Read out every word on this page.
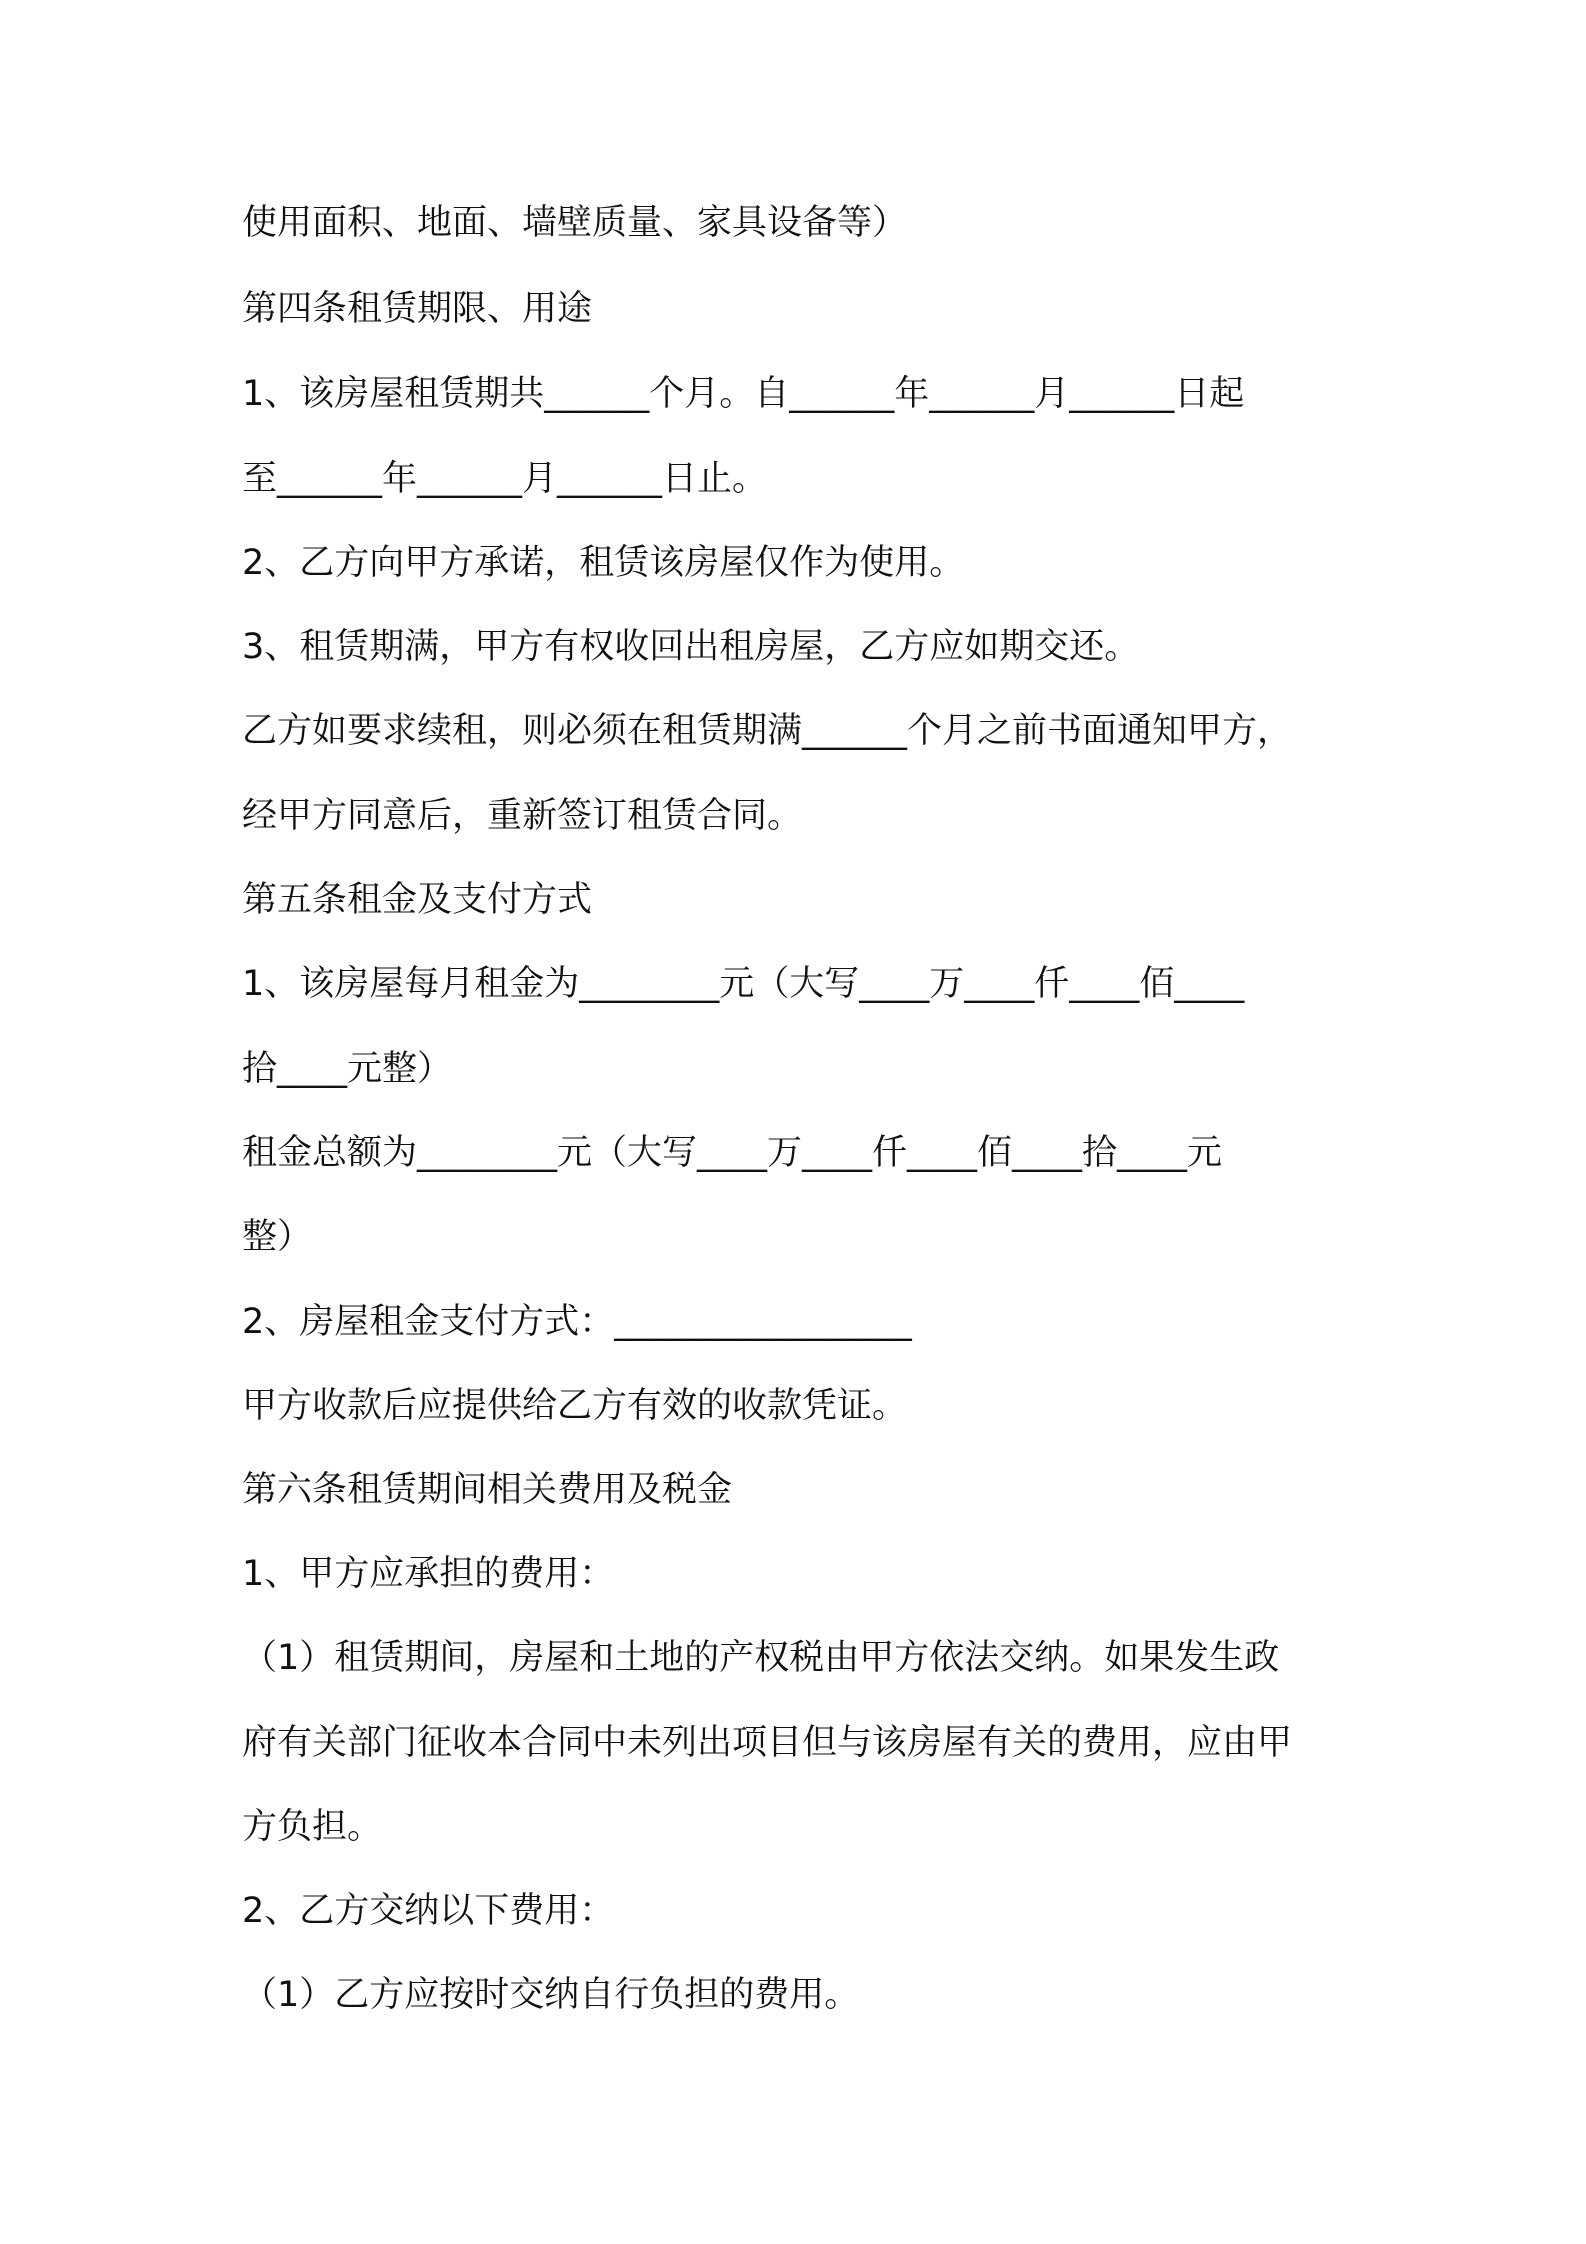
使用面积、地面、墙壁质量、家具设备等）

第四条租赁期限、用途

1、该房屋租赁期共______个月。自______年______月______日起

至______年______月______日止。

2、乙方向甲方承诺，租赁该房屋仅作为使用。

3、租赁期满，甲方有权收回出租房屋，乙方应如期交还。

乙方如要求续租，则必须在租赁期满______个月之前书面通知甲方，

经甲方同意后，重新签订租赁合同。

第五条租金及支付方式

1、该房屋每月租金为________元（大写____万____仟____佰____

拾____元整）

租金总额为________元（大写____万____仟____佰____拾____元

整）

2、房屋租金支付方式：_________________

甲方收款后应提供给乙方有效的收款凭证。

第六条租赁期间相关费用及税金

1、甲方应承担的费用：

（1）租赁期间，房屋和土地的产权税由甲方依法交纳。如果发生政

府有关部门征收本合同中未列出项目但与该房屋有关的费用，应由甲

方负担。

2、乙方交纳以下费用：

（1）乙方应按时交纳自行负担的费用。
